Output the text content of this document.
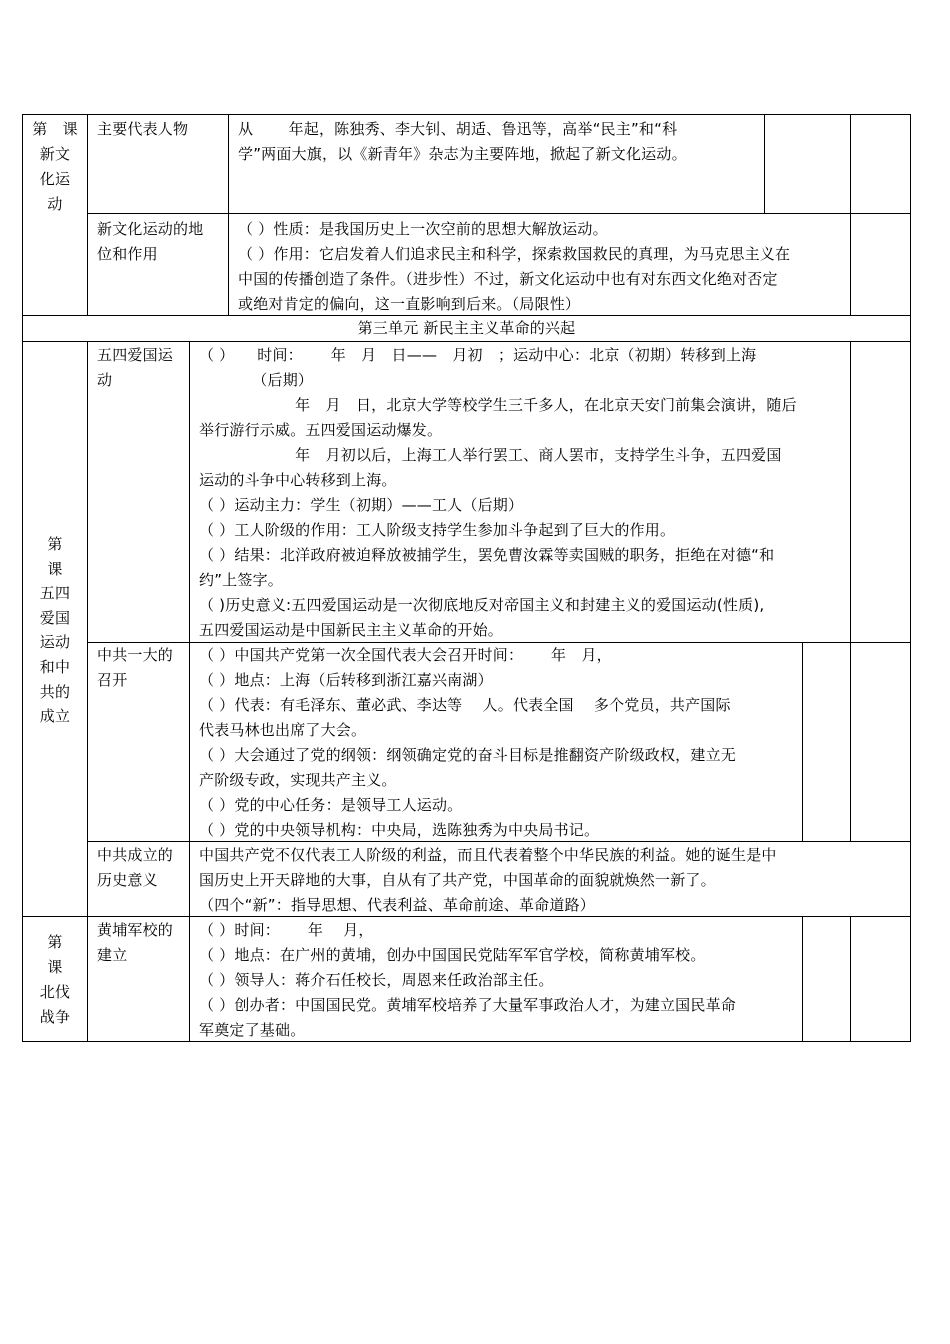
第　课
新文
化运
动
主要代表人物	从　　 年起，陈独秀、李大钊、胡适、鲁迅等，高举“民主”和“科
学”两面大旗，以《新青年》杂志为主要阵地，掀起了新文化运动。
新文化运动的地
位和作用
（ ）性质：是我国历史上一次空前的思想大解放运动。
（ ）作用：它启发着人们追求民主和科学，探索救国救民的真理，为马克思主义在
中国的传播创造了条件。（进步性）不过，新文化运动中也有对东西文化绝对否定
或绝对肯定的偏向，这一直影响到后来。（局限性）
第三单元 新民主主义革命的兴起
第
课
五四
爱国
运动
和中
共的
成立
五四爱国运
动
（ ）　　时间：　　 年　月　日——　月初　；运动中心：北京（初期）转移到上海
　　　　（后期）
　　　　　　 年　月　日，北京大学等校学生三千多人，在北京天安门前集会演讲，随后
举行游行示威。五四爱国运动爆发。
　　　　　　 年　月初以后，上海工人举行罢工、商人罢市，支持学生斗争，五四爱国
运动的斗争中心转移到上海。
（ ）运动主力：学生（初期）——工人（后期）
（ ）工人阶级的作用：工人阶级支持学生参加斗争起到了巨大的作用。
（ ）结果：北洋政府被迫释放被捕学生，罢免曹汝霖等卖国贼的职务，拒绝在对德“和
约”上签字。
（ )历史意义:五四爱国运动是一次彻底地反对帝国主义和封建主义的爱国运动(性质),
五四爱国运动是中国新民主主义革命的开始。
中共一大的
召开
（ ）中国共产党第一次全国代表大会召开时间：　　 年　月，
（ ）地点：上海（后转移到浙江嘉兴南湖）
（ ）代表：有毛泽东、董必武、李达等　 人。代表全国　 多个党员，共产国际
代表马林也出席了大会。
（ ）大会通过了党的纲领：纲领确定党的奋斗目标是推翻资产阶级政权，建立无
产阶级专政，实现共产主义。
（ ）党的中心任务：是领导工人运动。
（ ）党的中央领导机构：中央局，选陈独秀为中央局书记。
中共成立的
历史意义
中国共产党不仅代表工人阶级的利益，而且代表着整个中华民族的利益。她的诞生是中
国历史上开天辟地的大事，自从有了共产党，中国革命的面貌就焕然一新了。
（四个“新”：指导思想、代表利益、革命前途、革命道路）
第
课
北伐
战争
黄埔军校的
建立
（ ）时间：　　 年　 月，
（ ）地点：在广州的黄埔，创办中国国民党陆军军官学校，简称黄埔军校。
（ ）领导人：蒋介石任校长，周恩来任政治部主任。
（ ）创办者：中国国民党。黄埔军校培养了大量军事政治人才，为建立国民革命
军奠定了基础。
